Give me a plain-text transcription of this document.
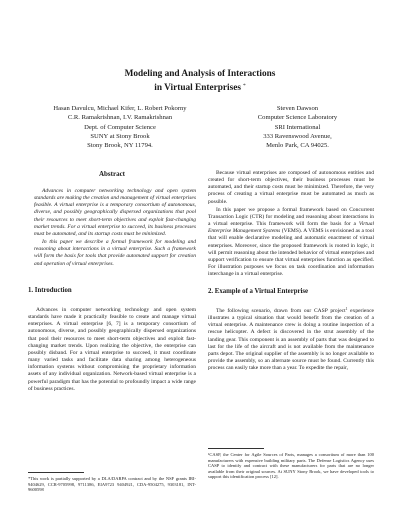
Modeling and Analysis of Interactions
in Virtual Enterprises *
Hasan Davulcu, Michael Kifer, L. Robert Pokorny
C.R. Ramakrishnan, I.V. Ramakrishnan
Dept. of Computer Science
SUNY at Stony Brook
Stony Brook, NY 11794.
Steven Dawson
Computer Science Laboratory
SRI International
333 Ravenswood Avenue,
Menlo Park, CA 94025.
Abstract

Advances in computer networking technology and open system standards are making the creation and management of virtual enterprises feasible. A virtual enterprise is a temporary consortium of autonomous, diverse, and possibly geographically dispersed organizations that pool their resources to meet short-term objectives and exploit fast-changing market trends. For a virtual enterprise to succeed, its business processes must be automated, and its startup costs must be minimized.

In this paper we describe a formal framework for modeling and reasoning about interactions in a virtual enterprise. Such a framework will form the basis for tools that provide automated support for creation and operation of virtual enterprises.

1. Introduction

Advances in computer networking technology and open system standards have made it practically feasible to create and manage virtual enterprises. A virtual enterprise [6, 7] is a temporary consortium of autonomous, diverse, and possibly geographically dispersed organizations that pool their resources to meet short-term objectives and exploit fast-changing market trends. Upon realizing the objective, the enterprise can possibly disband. For a virtual enterprise to succeed, it must coordinate many varied tasks and facilitate data sharing among heterogeneous information systems without compromising the proprietary information assets of any individual organization. Network-based virtual enterprise is a powerful paradigm that has the potential to profoundly impact a wide range of business practices.

*This work is partially supported by a DLA/DARPA contract and by the NSF grants IRI-9404629, CCR-9705998, 9711386, EIA9723 9404921, CDA-9504275, 9303181, INT-9600598

Because virtual enterprises are composed of autonomous entities and created for short-term objectives, their business processes must be automated, and their startup costs must be minimized. Therefore, the very process of creating a virtual enterprise must be automated as much as possible.

In this paper we propose a formal framework based on Concurrent Transaction Logic (CTR) for modeling and reasoning about interactions in a virtual enterprise. This framework will form the basis for a Virtual Enterprise Management Systems (VEMS). A VEMS is envisioned as a tool that will enable declarative modeling and automatic enactment of virtual enterprises. Moreover, since the proposed framework is rooted in logic, it will permit reasoning about the intended behavior of virtual enterprises and support verification to ensure that virtual enterprises function as specified. For illustration purposes we focus on task coordination and information interchange in a virtual enterprise.

2. Example of a Virtual Enterprise

The following scenario, drawn from our CASP project$^1$ experience illustrates a typical situation that would benefit from the creation of a virtual enterprise. A maintenance crew is doing a routine inspection of a rescue helicopter. A defect is discovered in the strut assembly of the landing gear. This component is an assembly of parts that was designed to last for the life of the aircraft and is not available from the maintenance parts depot. The original supplier of the assembly is no longer available to provide the assembly, so an alternate source must be found. Currently this process can easily take more than a year. To expedite the repair,

¹CASP, the Center for Agile Sources of Parts, manages a consortium of more than 100 manufacturers with expensive building military parts. The Defense Logistics Agency uses CASP to identify and contract with these manufacturers for parts that are no longer available from their original sources. At SUNY Stony Brook, we have developed tools to support this identification process [12].
